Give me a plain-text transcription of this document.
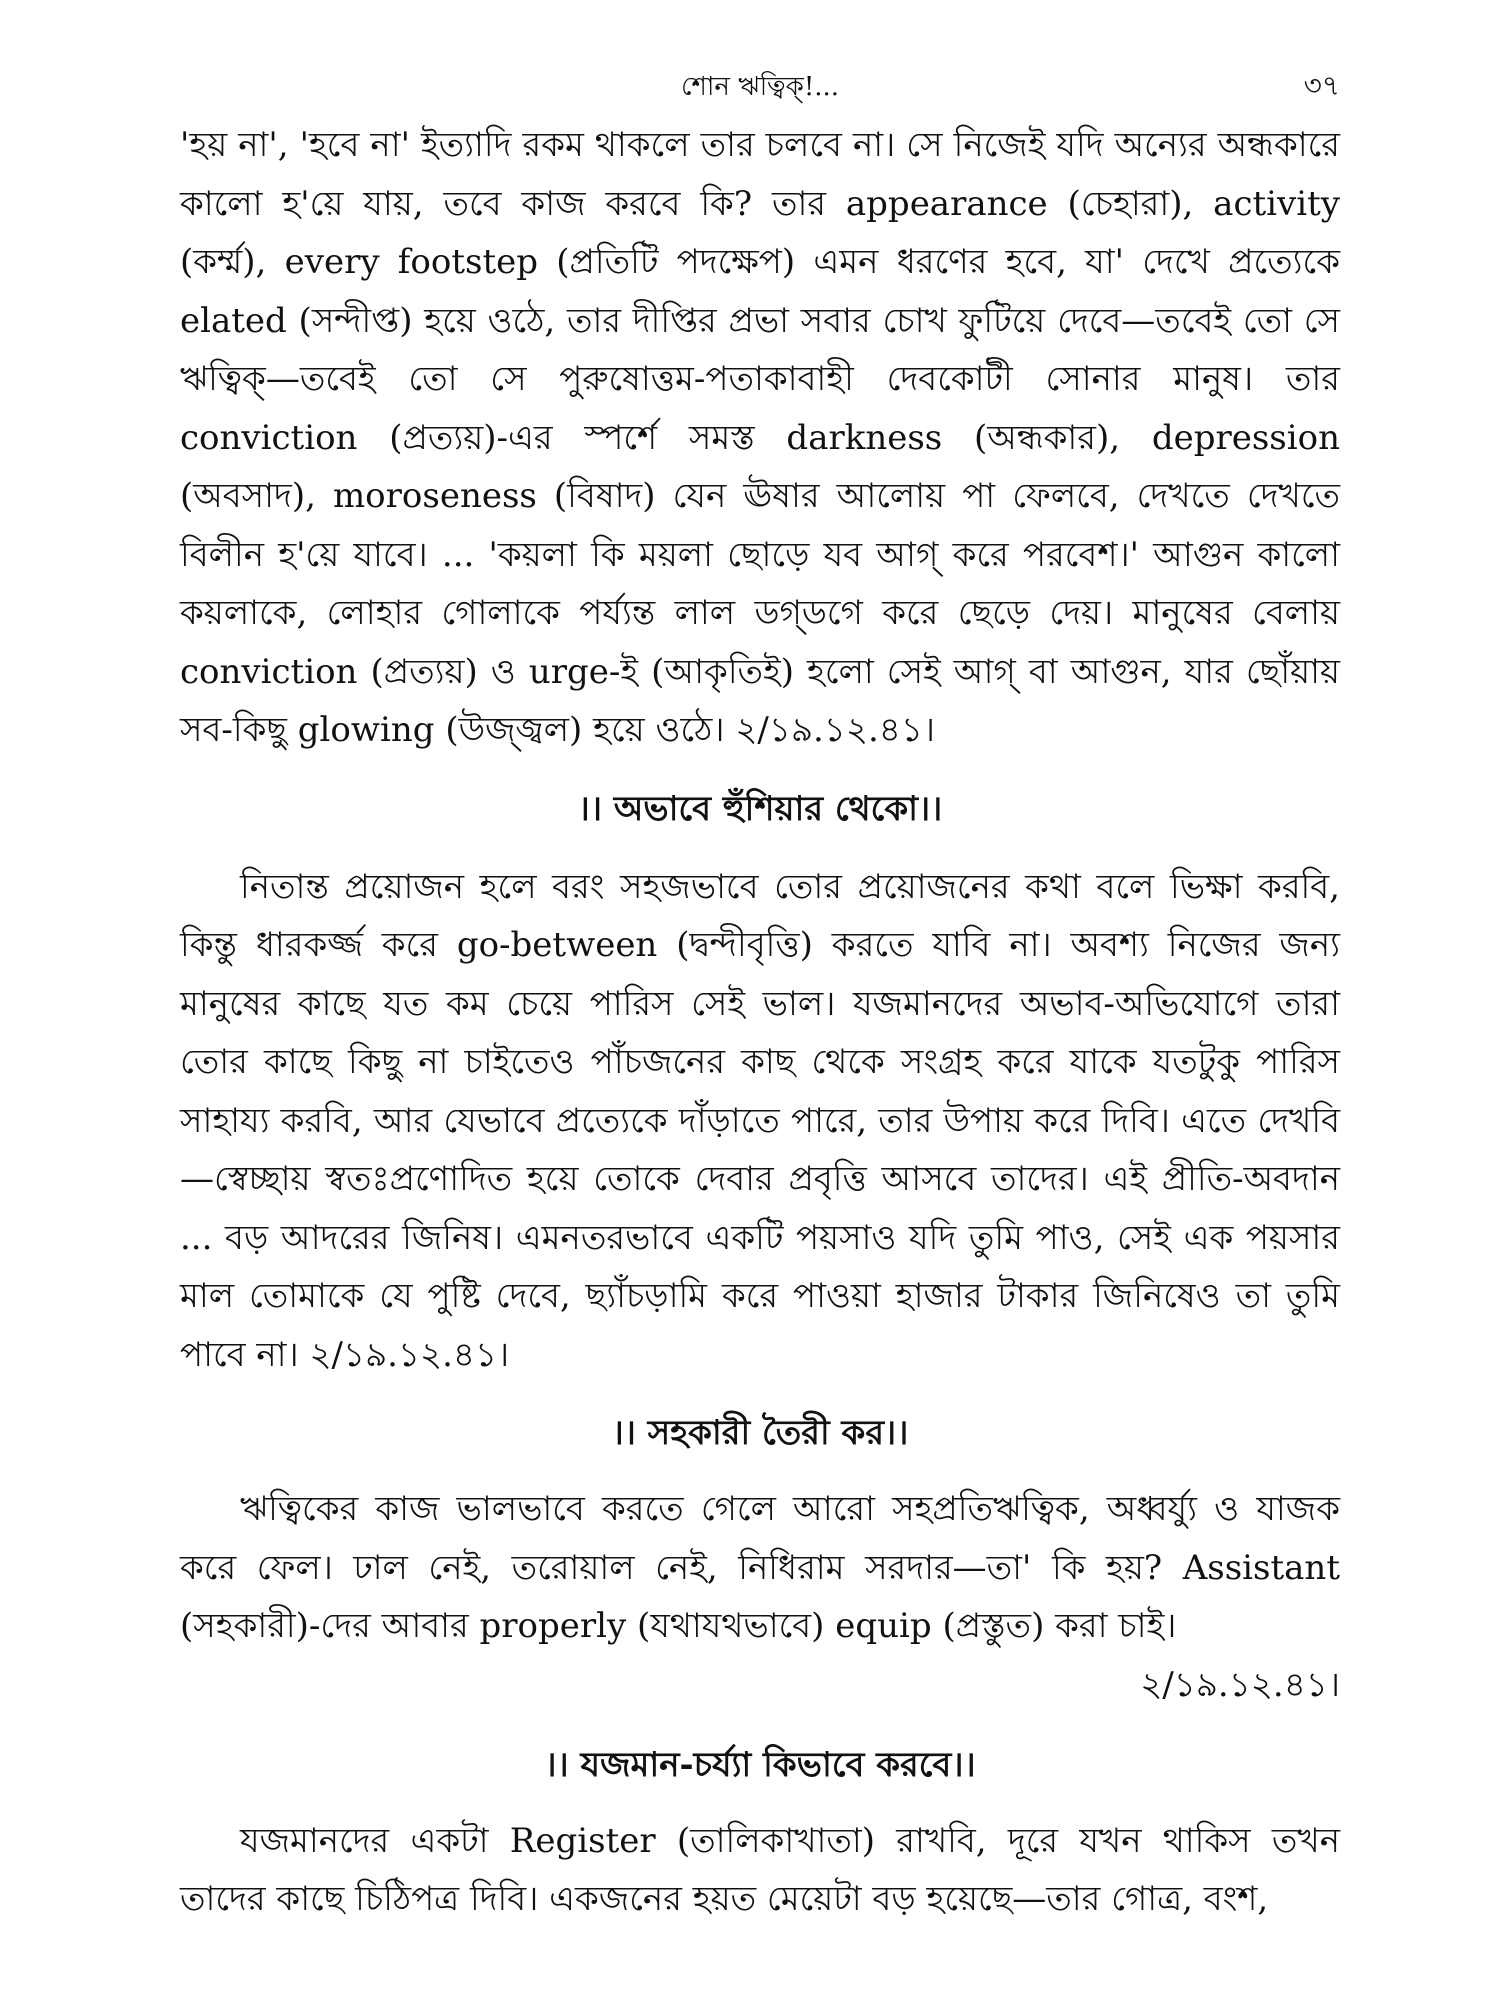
শোন ঋত্বিক্!...	৩৭

'হয় না', 'হবে না' ইত্যাদি রকম থাকলে তার চলবে না। সে নিজেই যদি অন্যের অন্ধকারে কালো হ'য়ে যায়, তবে কাজ করবে কি? তার appearance (চেহারা), activity (কর্ম্ম), every footstep (প্রতিটি পদক্ষেপ) এমন ধরণের হবে, যা' দেখে প্রত্যেকে elated (সন্দীপ্ত) হয়ে ওঠে, তার দীপ্তির প্রভা সবার চোখ ফুটিয়ে দেবে—তবেই তো সে ঋত্বিক্—তবেই তো সে পুরুষোত্তম-পতাকাবাহী দেবকোটী সোনার মানুষ। তার conviction (প্রত্যয়)-এর স্পর্শে সমস্ত darkness (অন্ধকার), depression (অবসাদ), moroseness (বিষাদ) যেন ঊষার আলোয় পা ফেলবে, দেখতে দেখতে বিলীন হ'য়ে যাবে। ... 'কয়লা কি ময়লা ছোড়ে যব আগ্ করে পরবেশ।' আগুন কালো কয়লাকে, লোহার গোলাকে পর্য্যন্ত লাল ডগ্‌ডগে করে ছেড়ে দেয়। মানুষের বেলায় conviction (প্রত্যয়) ও urge-ই (আকৃতিই) হলো সেই আগ্ বা আগুন, যার ছোঁয়ায় সব-কিছু glowing (উজ্জ্বল) হয়ে ওঠে। ২/১৯.১২.৪১।

।। অভাবে হুঁশিয়ার থেকো।।

নিতান্ত প্রয়োজন হলে বরং সহজভাবে তোর প্রয়োজনের কথা বলে ভিক্ষা করবি, কিন্তু ধারকর্জ্জ করে go-between (দ্বন্দীবৃত্তি) করতে যাবি না। অবশ্য নিজের জন্য মানুষের কাছে যত কম চেয়ে পারিস সেই ভাল। যজমানদের অভাব-অভিযোগে তারা তোর কাছে কিছু না চাইতেও পাঁচজনের কাছ থেকে সংগ্রহ করে যাকে যতটুকু পারিস সাহায্য করবি, আর যেভাবে প্রত্যেকে দাঁড়াতে পারে, তার উপায় করে দিবি। এতে দেখবি—স্বেচ্ছায় স্বতঃপ্রণোদিত হয়ে তোকে দেবার প্রবৃত্তি আসবে তাদের। এই প্রীতি-অবদান ... বড় আদরের জিনিষ। এমনতরভাবে একটি পয়সাও যদি তুমি পাও, সেই এক পয়সার মাল তোমাকে যে পুষ্টি দেবে, ছ্যাঁচড়ামি করে পাওয়া হাজার টাকার জিনিষেও তা তুমি পাবে না। ২/১৯.১২.৪১।

।। সহকারী তৈরী কর।।

ঋত্বিকের কাজ ভালভাবে করতে গেলে আরো সহপ্রতিঋত্বিক, অধ্বর্য্যু ও যাজক করে ফেল। ঢাল নেই, তরোয়াল নেই, নিধিরাম সরদার—তা' কি হয়? Assistant (সহকারী)-দের আবার properly (যথাযথভাবে) equip (প্রস্তুত) করা চাই।

২/১৯.১২.৪১।

।। যজমান-চর্য্যা কিভাবে করবে।।

যজমানদের একটা Register (তালিকাখাতা) রাখবি, দূরে যখন থাকিস তখন তাদের কাছে চিঠিপত্র দিবি। একজনের হয়ত মেয়েটা বড় হয়েছে—তার গোত্র, বংশ,
